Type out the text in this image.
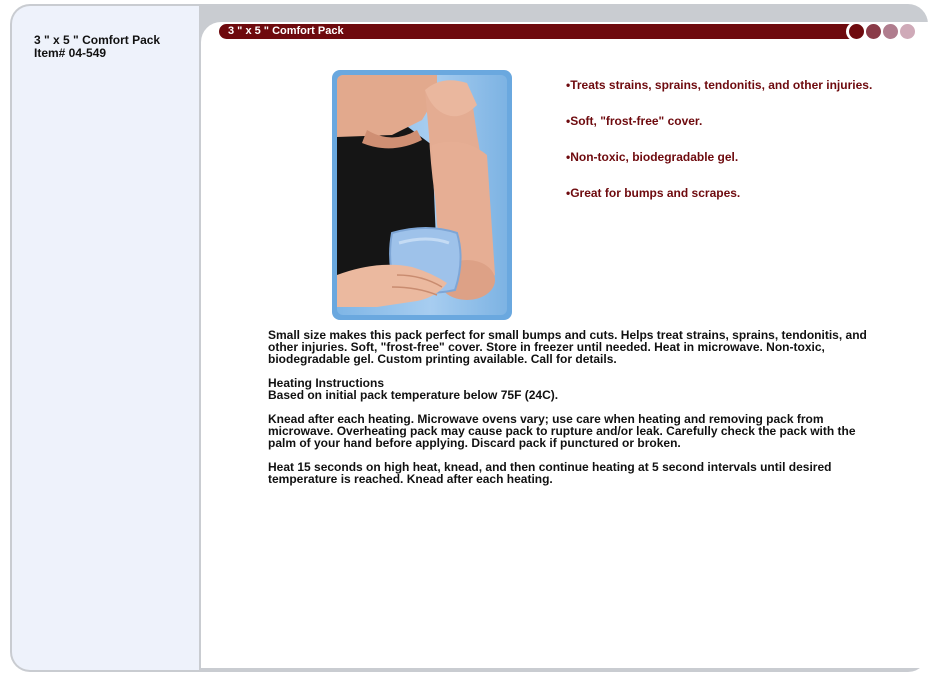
3 " x 5 " Comfort Pack
Item# 04-549
3 " x 5 " Comfort Pack
•Treats strains, sprains, tendonitis, and other injuries.
•Soft, "frost-free" cover.
•Non-toxic, biodegradable gel.
•Great for bumps and scrapes.

Small size makes this pack perfect for small bumps and cuts. Helps treat strains, sprains, tendonitis, and other injuries. Soft, "frost-free" cover. Store in freezer until needed. Heat in microwave. Non-toxic, biodegradable gel. Custom printing available. Call for details.

Heating Instructions
Based on initial pack temperature below 75F (24C).

Knead after each heating. Microwave ovens vary; use care when heating and removing pack from microwave. Overheating pack may cause pack to rupture and/or leak. Carefully check the pack with the palm of your hand before applying. Discard pack if punctured or broken.

Heat 15 seconds on high heat, knead, and then continue heating at 5 second intervals until desired temperature is reached. Knead after each heating.
